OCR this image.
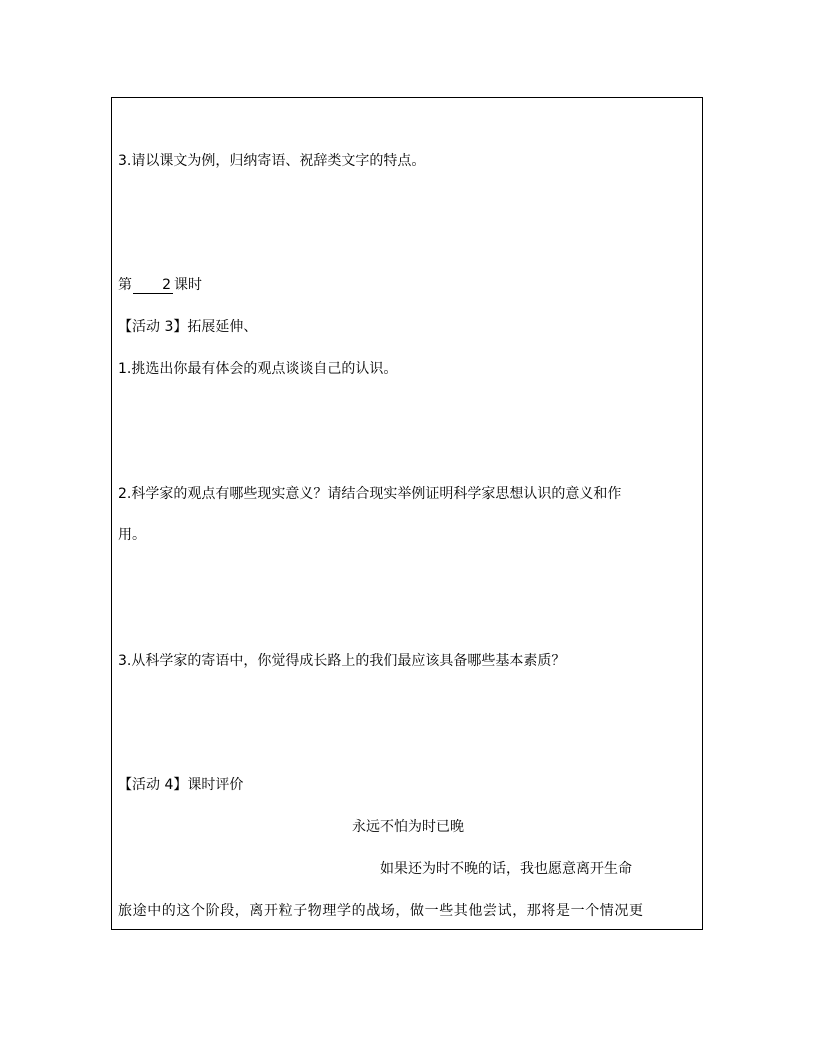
3.请以课文为例，归纳寄语、祝辞类文字的特点。
第 2 课时
【活动 3】拓展延伸、
1.挑选出你最有体会的观点谈谈自己的认识。
2.科学家的观点有哪些现实意义？请结合现实举例证明科学家思想认识的意义和作
用。
3.从科学家的寄语中，你觉得成长路上的我们最应该具备哪些基本素质？
【活动 4】课时评价
永远不怕为时已晚
如果还为时不晚的话，我也愿意离开生命
旅途中的这个阶段，离开粒子物理学的战场，做一些其他尝试，那将是一个情况更
